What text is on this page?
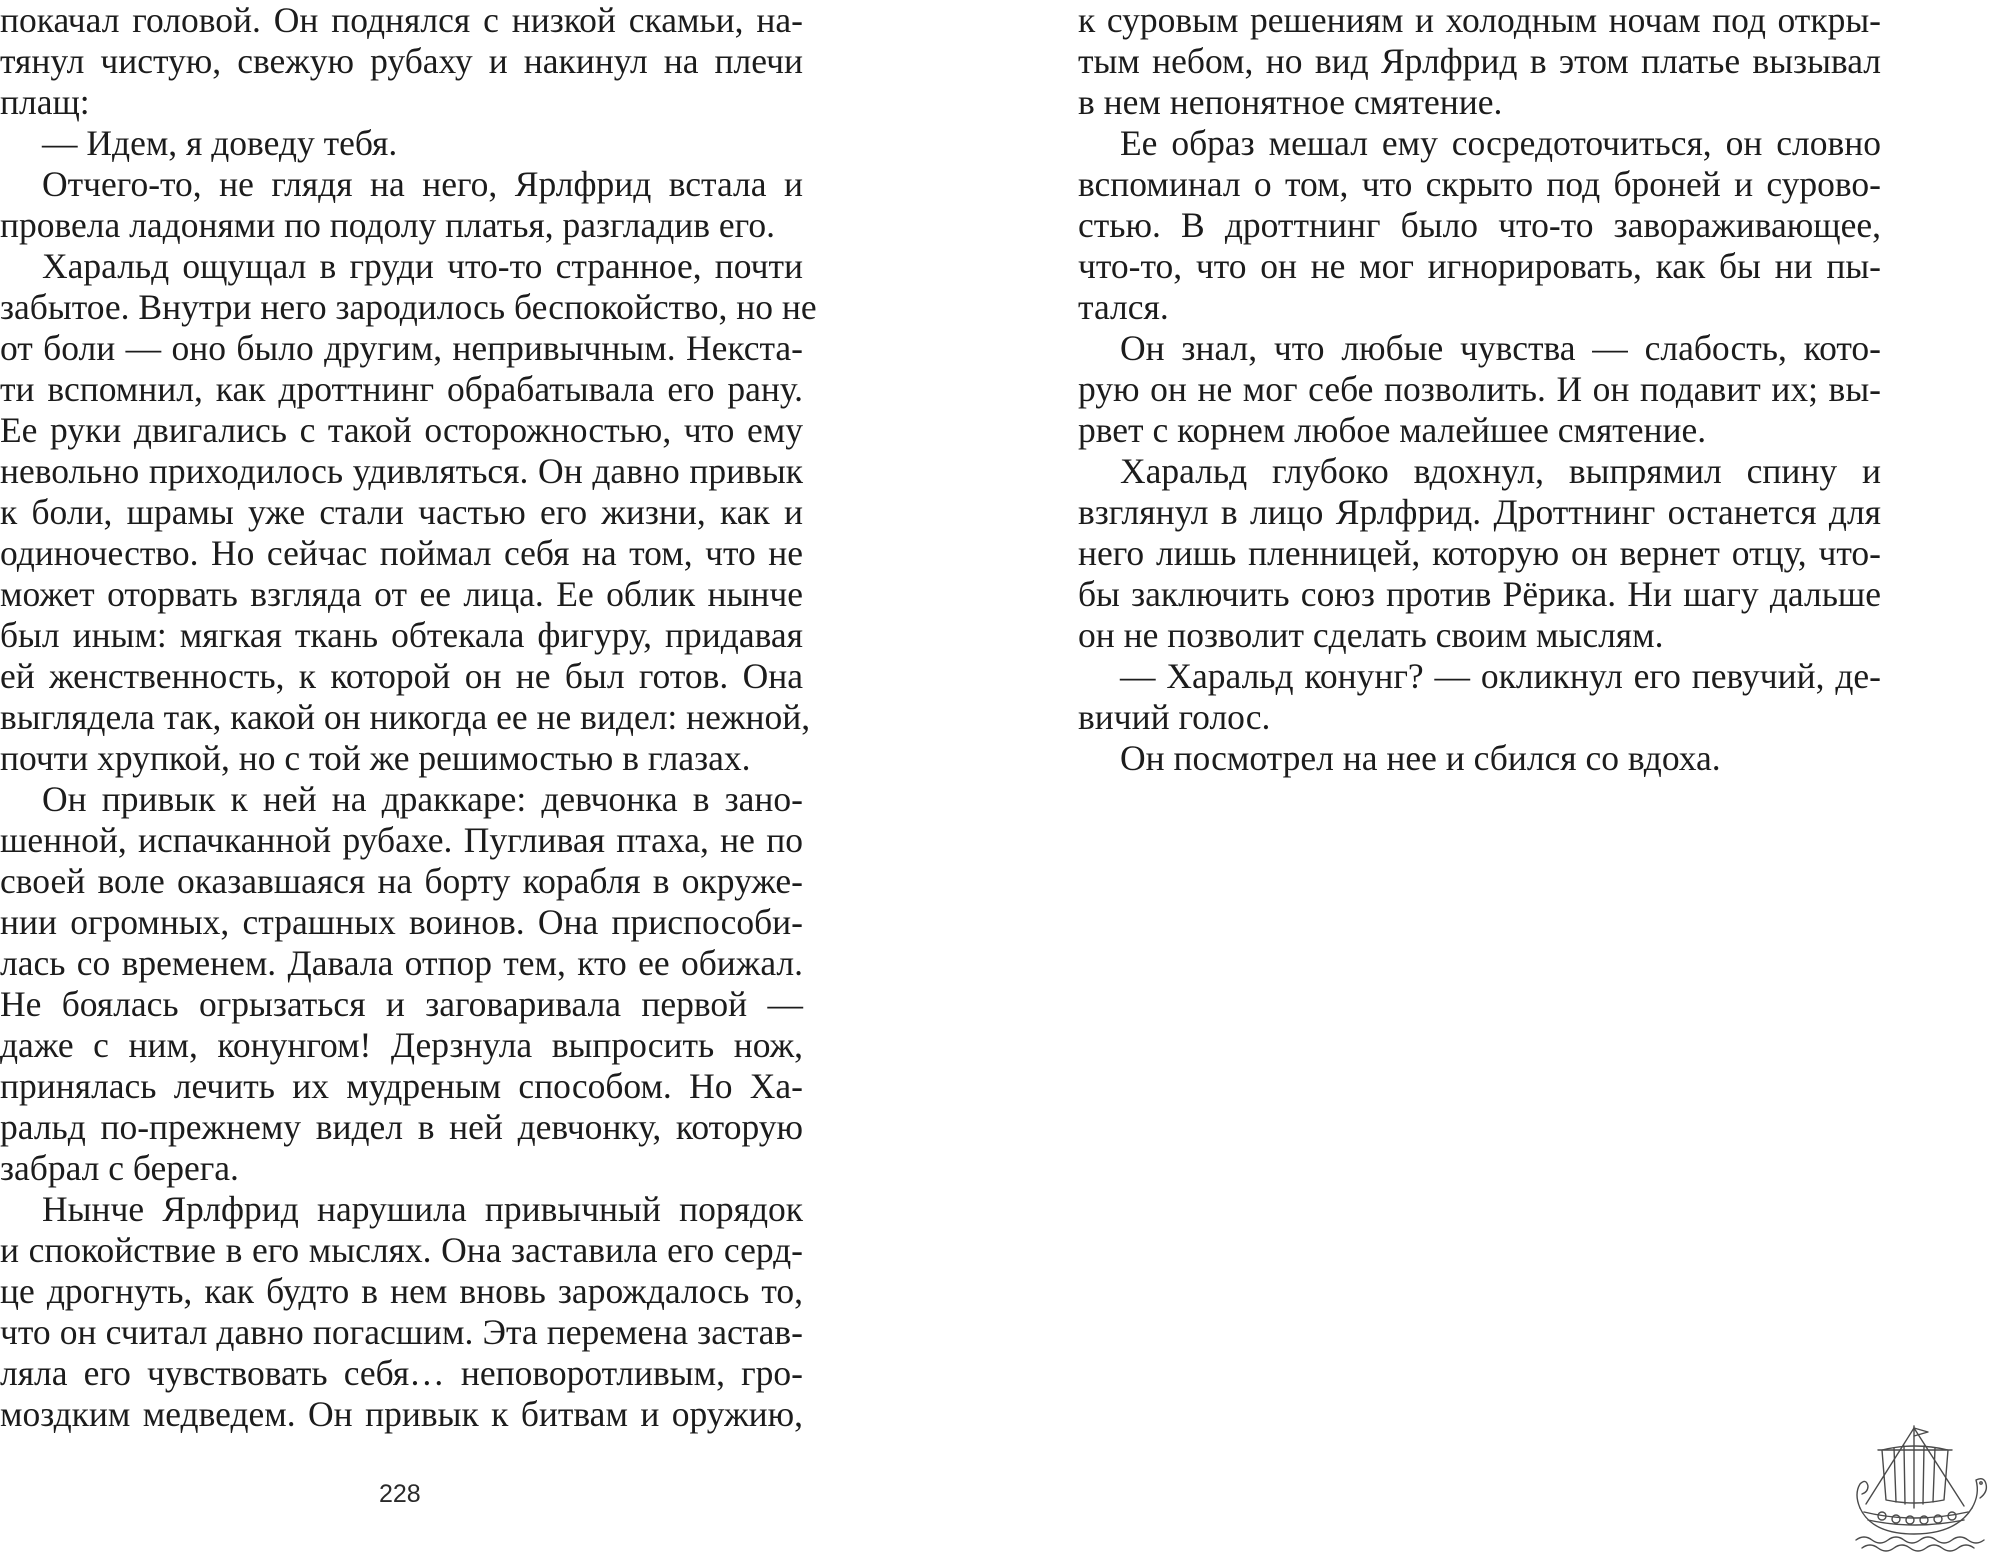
покачал головой. Он поднялся с низкой скамьи, на-
тянул чистую, свежую рубаху и накинул на плечи
плащ:
— Идем, я доведу тебя.
Отчего-то, не глядя на него, Ярлфрид встала и
провела ладонями по подолу платья, разгладив его.
Харальд ощущал в груди что-то странное, почти
забытое. Внутри него зародилось беспокойство, но не
от боли — оно было другим, непривычным. Некста-
ти вспомнил, как дроттнинг обрабатывала его рану.
Ее руки двигались с такой осторожностью, что ему
невольно приходилось удивляться. Он давно привык
к боли, шрамы уже стали частью его жизни, как и
одиночество. Но сейчас поймал себя на том, что не
может оторвать взгляда от ее лица. Ее облик нынче
был иным: мягкая ткань обтекала фигуру, придавая
ей женственность, к которой он не был готов. Она
выглядела так, какой он никогда ее не видел: нежной,
почти хрупкой, но с той же решимостью в глазах.
Он привык к ней на драккаре: девчонка в зано-
шенной, испачканной рубахе. Пугливая птаха, не по
своей воле оказавшаяся на борту корабля в окруже-
нии огромных, страшных воинов. Она приспособи-
лась со временем. Давала отпор тем, кто ее обижал.
Не боялась огрызаться и заговаривала первой —
даже с ним, конунгом! Дерзнула выпросить нож,
принялась лечить их мудреным способом. Но Ха-
ральд по-прежнему видел в ней девчонку, которую
забрал с берега.
Нынче Ярлфрид нарушила привычный порядок
и спокойствие в его мыслях. Она заставила его серд-
це дрогнуть, как будто в нем вновь зарождалось то,
что он считал давно погасшим. Эта перемена застав-
ляла его чувствовать себя… неповоротливым, гро-
моздким медведем. Он привык к битвам и оружию,
228
к суровым решениям и холодным ночам под откры-
тым небом, но вид Ярлфрид в этом платье вызывал
в нем непонятное смятение.
Ее образ мешал ему сосредоточиться, он словно
вспоминал о том, что скрыто под броней и сурово-
стью. В дроттнинг было что-то завораживающее,
что-то, что он не мог игнорировать, как бы ни пы-
тался.
Он знал, что любые чувства — слабость, кото-
рую он не мог себе позволить. И он подавит их; вы-
рвет с корнем любое малейшее смятение.
Харальд глубоко вдохнул, выпрямил спину и
взглянул в лицо Ярлфрид. Дроттнинг останется для
него лишь пленницей, которую он вернет отцу, что-
бы заключить союз против Рёрика. Ни шагу дальше
он не позволит сделать своим мыслям.
— Харальд конунг? — окликнул его певучий, де-
вичий голос.
Он посмотрел на нее и сбился со вдоха.
